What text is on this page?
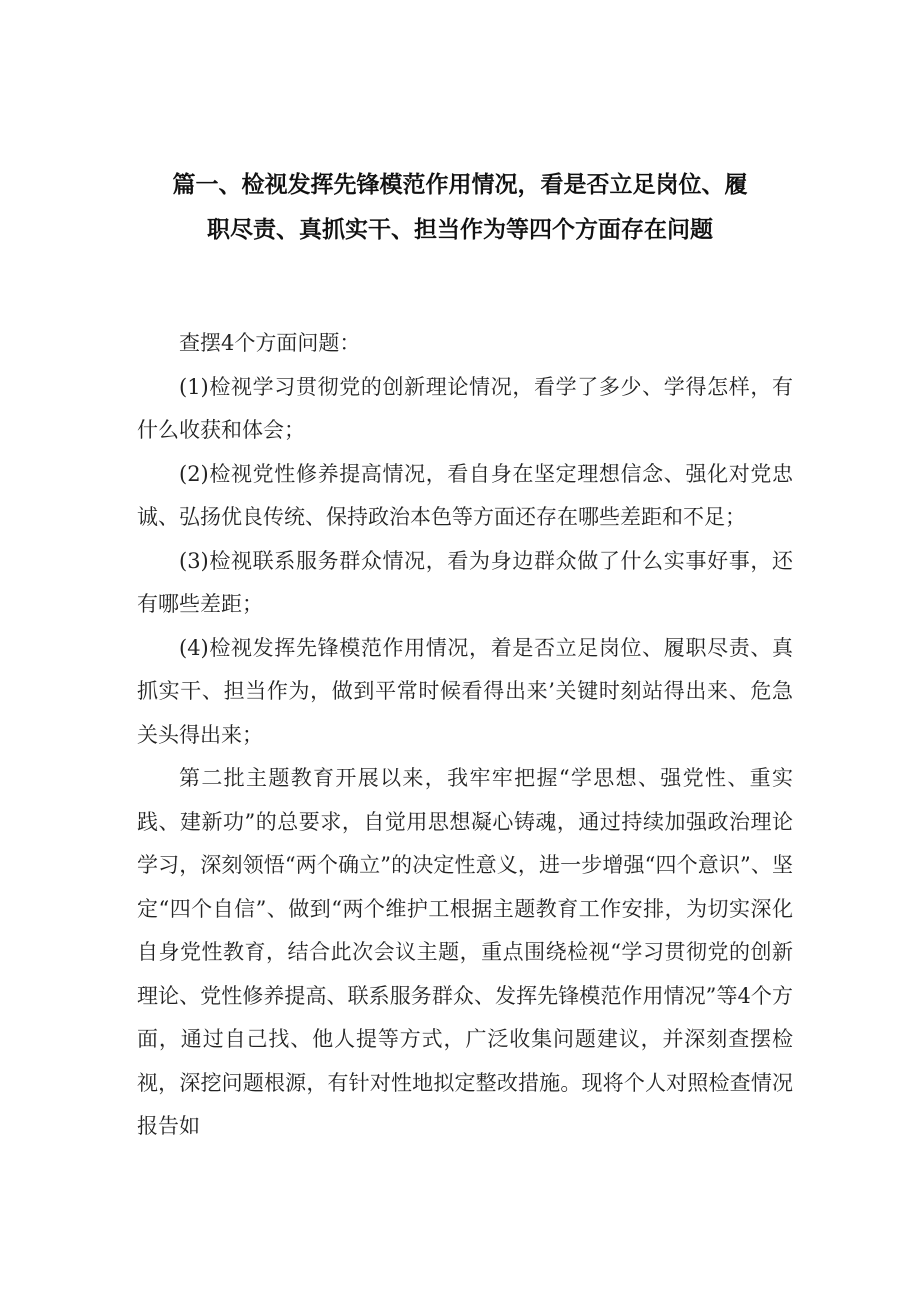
篇一、检视发挥先锋模范作用情况，看是否立足岗位、履
职尽责、真抓实干、担当作为等四个方面存在问题

查摆4个方面问题：

(1)检视学习贯彻党的创新理论情况，看学了多少、学得怎样，有什么收获和体会；

(2)检视党性修养提高情况，看自身在坚定理想信念、强化对党忠诚、弘扬优良传统、保持政治本色等方面还存在哪些差距和不足；

(3)检视联系服务群众情况，看为身边群众做了什么实事好事，还有哪些差距；

(4)检视发挥先锋模范作用情况，着是否立足岗位、履职尽责、真抓实干、担当作为，做到平常时候看得出来’关键时刻站得出来、危急关头得出来；

第二批主题教育开展以来，我牢牢把握“学思想、强党性、重实践、建新功”的总要求，自觉用思想凝心铸魂，通过持续加强政治理论学习，深刻领悟“两个确立”的决定性意义，进一步增强“四个意识”、坚定“四个自信”、做到“两个维护工根据主题教育工作安排，为切实深化自身党性教育，结合此次会议主题，重点围绕检视“学习贯彻党的创新理论、党性修养提高、联系服务群众、发挥先锋模范作用情况”等4个方面，通过自己找、他人提等方式，广泛收集问题建议，并深刻查摆检视，深挖问题根源，有针对性地拟定整改措施。现将个人对照检查情况报告如
